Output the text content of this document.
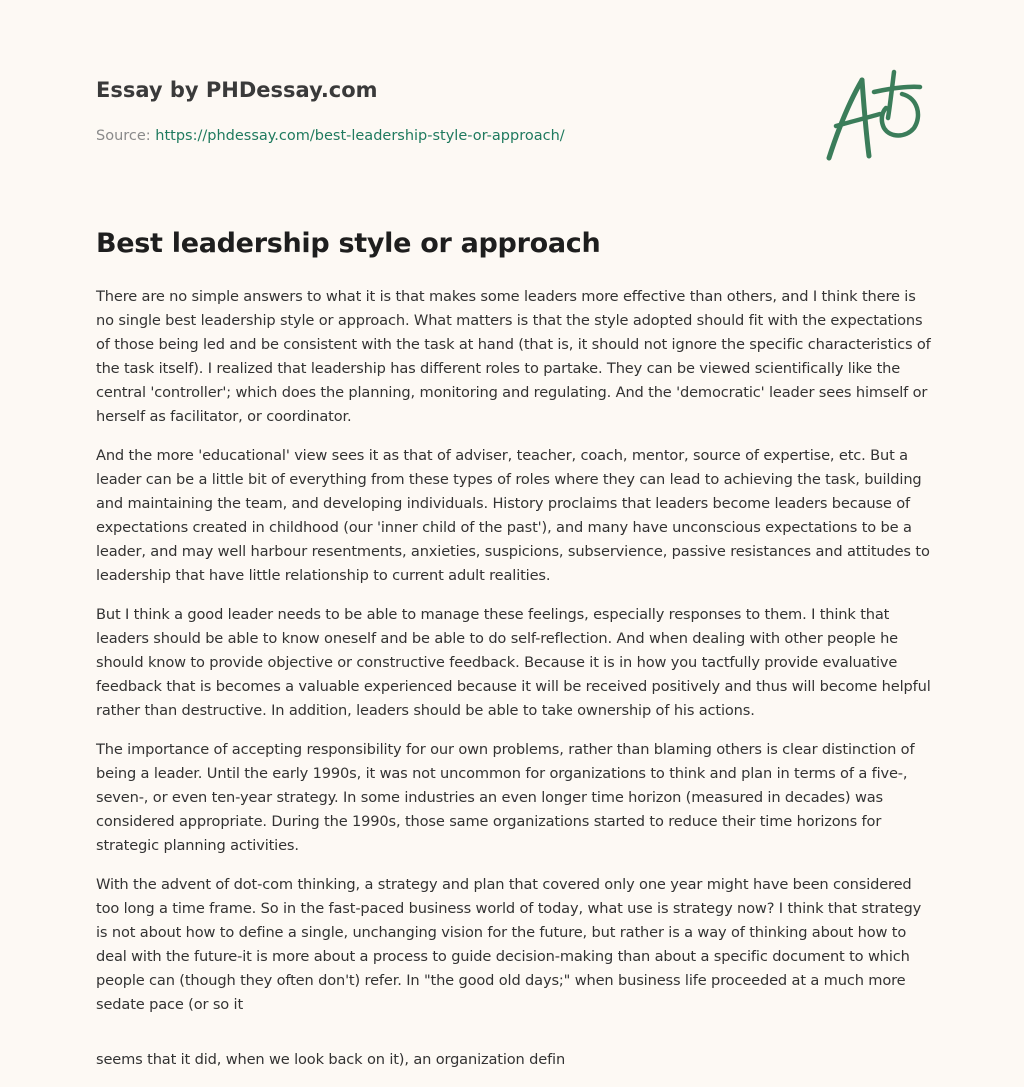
Essay by PHDessay.com
Source: https://phdessay.com/best-leadership-style-or-approach/
Best leadership style or approach

There are no simple answers to what it is that makes some leaders more effective than others, and I think there is no single best leadership style or approach. What matters is that the style adopted should fit with the expectations of those being led and be consistent with the task at hand (that is, it should not ignore the specific characteristics of the task itself). I realized that leadership has different roles to partake. They can be viewed scientifically like the central 'controller'; which does the planning, monitoring and regulating. And the 'democratic' leader sees himself or herself as facilitator, or coordinator.

And the more 'educational' view sees it as that of adviser, teacher, coach, mentor, source of expertise, etc. But a leader can be a little bit of everything from these types of roles where they can lead to achieving the task, building and maintaining the team, and developing individuals. History proclaims that leaders become leaders because of expectations created in childhood (our 'inner child of the past'), and many have unconscious expectations to be a leader, and may well harbour resentments, anxieties, suspicions, subservience, passive resistances and attitudes to leadership that have little relationship to current adult realities.

But I think a good leader needs to be able to manage these feelings, especially responses to them. I think that leaders should be able to know oneself and be able to do self-reflection. And when dealing with other people he should know to provide objective or constructive feedback. Because it is in how you tactfully provide evaluative feedback that is becomes a valuable experienced because it will be received positively and thus will become helpful rather than destructive. In addition, leaders should be able to take ownership of his actions.

The importance of accepting responsibility for our own problems, rather than blaming others is clear distinction of being a leader. Until the early 1990s, it was not uncommon for organizations to think and plan in terms of a five-, seven-, or even ten-year strategy. In some industries an even longer time horizon (measured in decades) was considered appropriate. During the 1990s, those same organizations started to reduce their time horizons for strategic planning activities.

With the advent of dot-com thinking, a strategy and plan that covered only one year might have been considered too long a time frame. So in the fast-paced business world of today, what use is strategy now? I think that strategy is not about how to define a single, unchanging vision for the future, but rather is a way of thinking about how to deal with the future-it is more about a process to guide decision-making than about a specific document to which people can (though they often don't) refer. In "the good old days;" when business life proceeded at a much more sedate pace (or so it

seems that it did, when we look back on it), an organization defin
